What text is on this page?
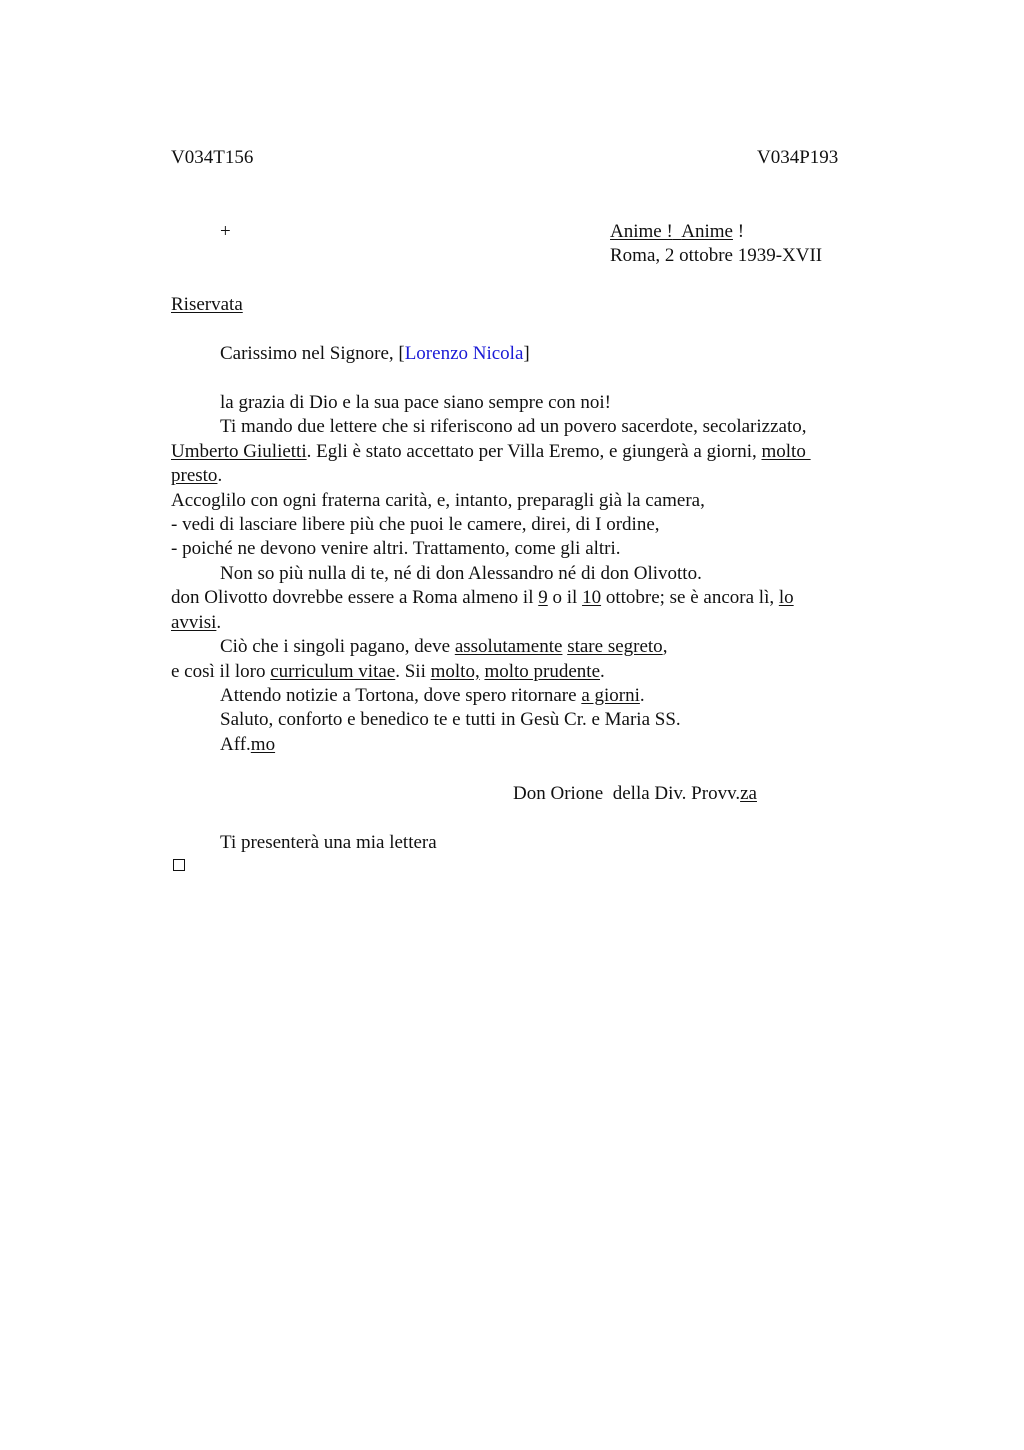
V034T156	V034P193
+	Anime ! Anime !
Roma, 2 ottobre 1939-XVII
Riservata
Carissimo nel Signore, [Lorenzo Nicola]
la grazia di Dio e la sua pace siano sempre con noi!
Ti mando due lettere che si riferiscono ad un povero sacerdote, secolarizzato,
Umberto Giulietti. Egli è stato accettato per Villa Eremo, e giungerà a giorni, molto
presto.
Accoglilo con ogni fraterna carità, e, intanto, preparagli già la camera,
- vedi di lasciare libere più che puoi le camere, direi, di I ordine,
- poiché ne devono venire altri. Trattamento, come gli altri.
Non so più nulla di te, né di don Alessandro né di don Olivotto.
don Olivotto dovrebbe essere a Roma almeno il 9 o il 10 ottobre; se è ancora lì, lo
avvisi.
Ciò che i singoli pagano, deve assolutamente stare segreto,
e così il loro curriculum vitae. Sii molto, molto prudente.
Attendo notizie a Tortona, dove spero ritornare a giorni.
Saluto, conforto e benedico te e tutti in Gesù Cr. e Maria SS.
Aff.mo
Don Orione  della Div. Provv.za
Ti presenterà una mia lettera
